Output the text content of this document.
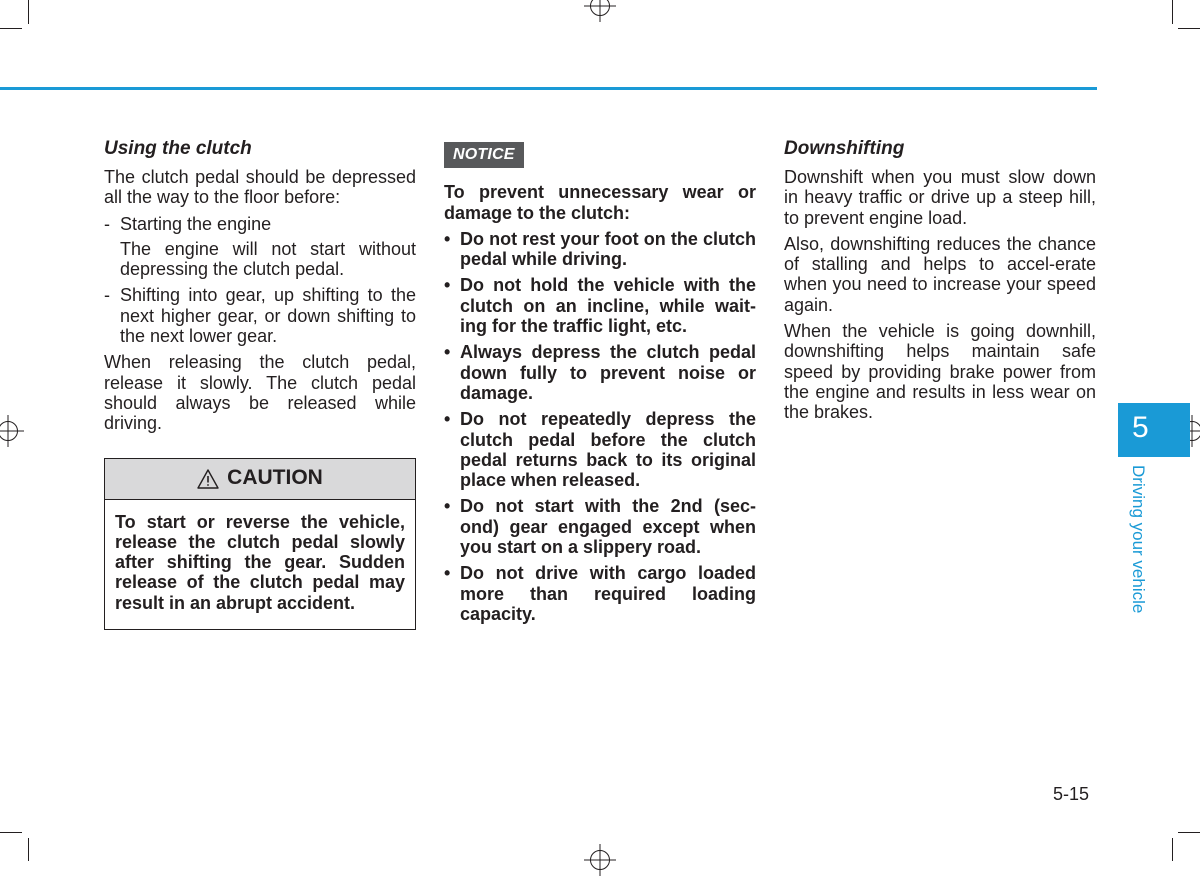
Using the clutch

The clutch pedal should be depressed all the way to the floor before:

- Starting the engine
The engine will not start without depressing the clutch pedal.
- Shifting into gear, up shifting to the next higher gear, or down shifting to the next lower gear.

When releasing the clutch pedal, release it slowly. The clutch pedal should always be released while driving.

CAUTION
To start or reverse the vehicle, release the clutch pedal slowly after shifting the gear. Sudden release of the clutch pedal may result in an abrupt accident.
NOTICE

To prevent unnecessary wear or damage to the clutch:

• Do not rest your foot on the clutch pedal while driving.
• Do not hold the vehicle with the clutch on an incline, while wait-ing for the traffic light, etc.
• Always depress the clutch pedal down fully to prevent noise or damage.
• Do not repeatedly depress the clutch pedal before the clutch pedal returns back to its original place when released.
• Do not start with the 2nd (sec-ond) gear engaged except when you start on a slippery road.
• Do not drive with cargo loaded more than required loading capacity.
Downshifting

Downshift when you must slow down in heavy traffic or drive up a steep hill, to prevent engine load.

Also, downshifting reduces the chance of stalling and helps to accel-erate when you need to increase your speed again.

When the vehicle is going downhill, downshifting helps maintain safe speed by providing brake power from the engine and results in less wear on the brakes.	5
Driving your vehicle
5-15
